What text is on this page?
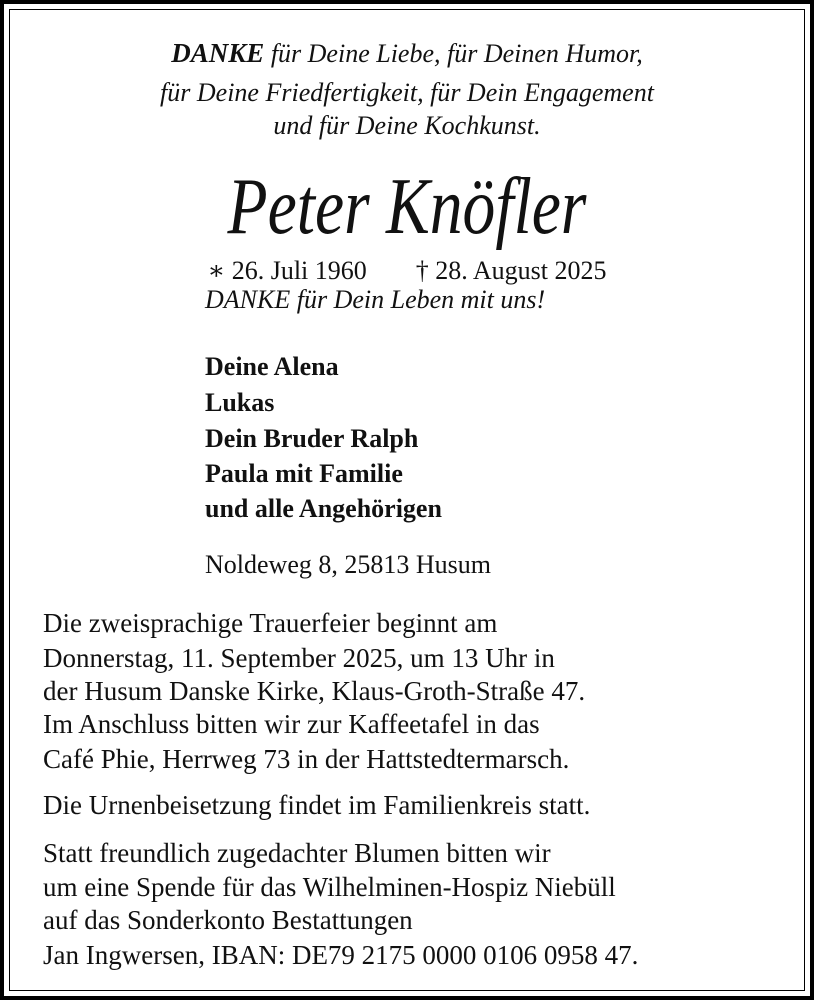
DANKE für Deine Liebe, für Deinen Humor,
für Deine Friedfertigkeit, für Dein Engagement
und für Deine Kochkunst.
Peter Knöfler
∗ 26. Juli 1960 † 28. August 2025
DANKE für Dein Leben mit uns!
Deine Alena
Lukas
Dein Bruder Ralph
Paula mit Familie
und alle Angehörigen
Noldeweg 8, 25813 Husum
Die zweisprachige Trauerfeier beginnt am
Donnerstag, 11. September 2025, um 13 Uhr in
der Husum Danske Kirke, Klaus-Groth-Straße 47.
Im Anschluss bitten wir zur Kaffeetafel in das
Café Phie, Herrweg 73 in der Hattstedtermarsch.
Die Urnenbeisetzung findet im Familienkreis statt.
Statt freundlich zugedachter Blumen bitten wir
um eine Spende für das Wilhelminen-Hospiz Niebüll
auf das Sonderkonto Bestattungen
Jan Ingwersen, IBAN: DE79 2175 0000 0106 0958 47.
